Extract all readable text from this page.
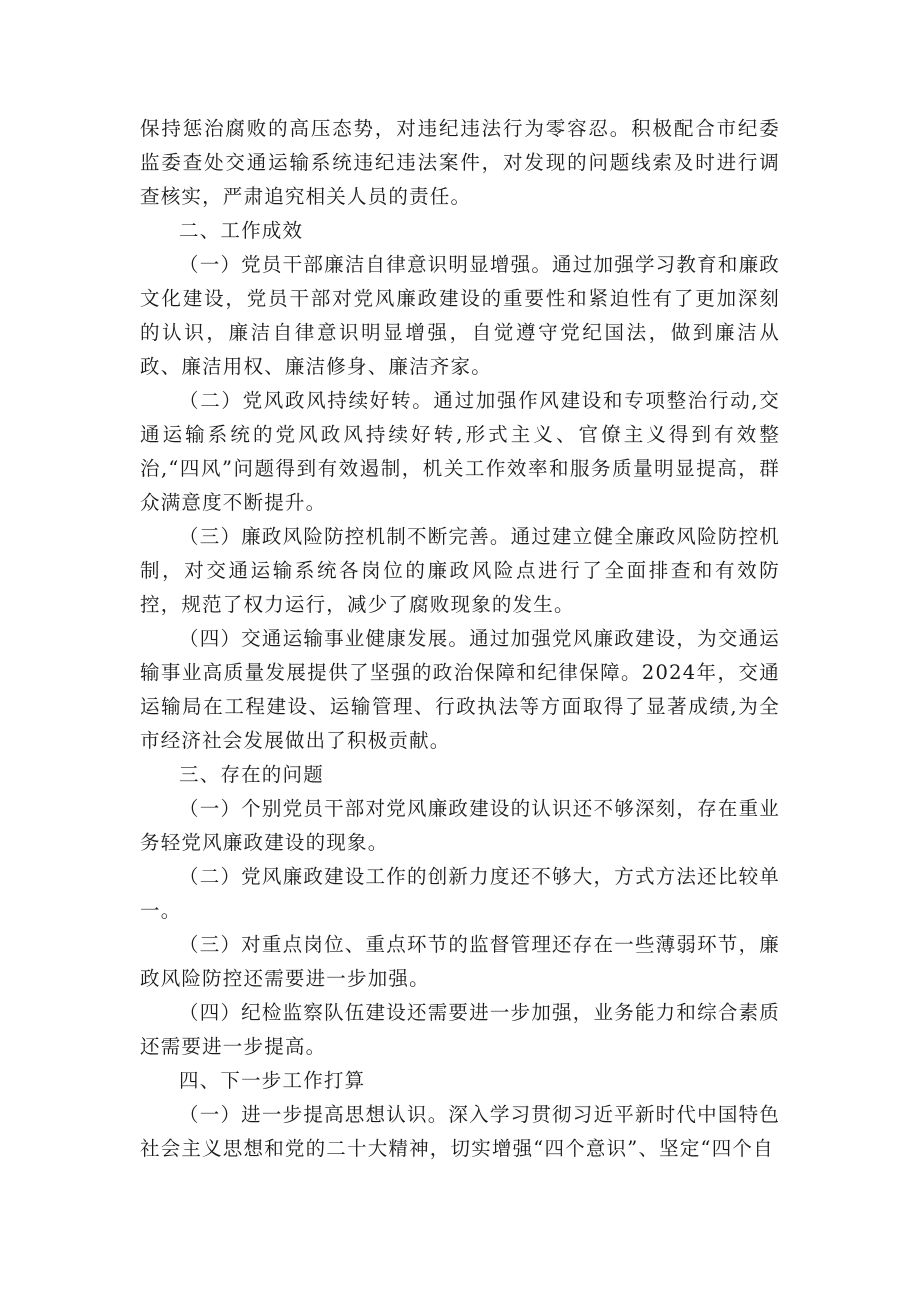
保持惩治腐败的高压态势，对违纪违法行为零容忍。积极配合市纪委监委查处交通运输系统违纪违法案件，对发现的问题线索及时进行调查核实，严肃追究相关人员的责任。

二、工作成效

（一）党员干部廉洁自律意识明显增强。通过加强学习教育和廉政文化建设，党员干部对党风廉政建设的重要性和紧迫性有了更加深刻的认识，廉洁自律意识明显增强，自觉遵守党纪国法，做到廉洁从政、廉洁用权、廉洁修身、廉洁齐家。

（二）党风政风持续好转。通过加强作风建设和专项整治行动,交通运输系统的党风政风持续好转,形式主义、官僚主义得到有效整治,“四风”问题得到有效遏制，机关工作效率和服务质量明显提高，群众满意度不断提升。

（三）廉政风险防控机制不断完善。通过建立健全廉政风险防控机制，对交通运输系统各岗位的廉政风险点进行了全面排查和有效防控，规范了权力运行，减少了腐败现象的发生。

（四）交通运输事业健康发展。通过加强党风廉政建设，为交通运输事业高质量发展提供了坚强的政治保障和纪律保障。2024年，交通运输局在工程建设、运输管理、行政执法等方面取得了显著成绩,为全市经济社会发展做出了积极贡献。

三、存在的问题

（一）个别党员干部对党风廉政建设的认识还不够深刻，存在重业务轻党风廉政建设的现象。

（二）党风廉政建设工作的创新力度还不够大，方式方法还比较单一。

（三）对重点岗位、重点环节的监督管理还存在一些薄弱环节，廉政风险防控还需要进一步加强。

（四）纪检监察队伍建设还需要进一步加强，业务能力和综合素质还需要进一步提高。

四、下一步工作打算

（一）进一步提高思想认识。深入学习贯彻习近平新时代中国特色社会主义思想和党的二十大精神，切实增强“四个意识”、坚定“四个自
